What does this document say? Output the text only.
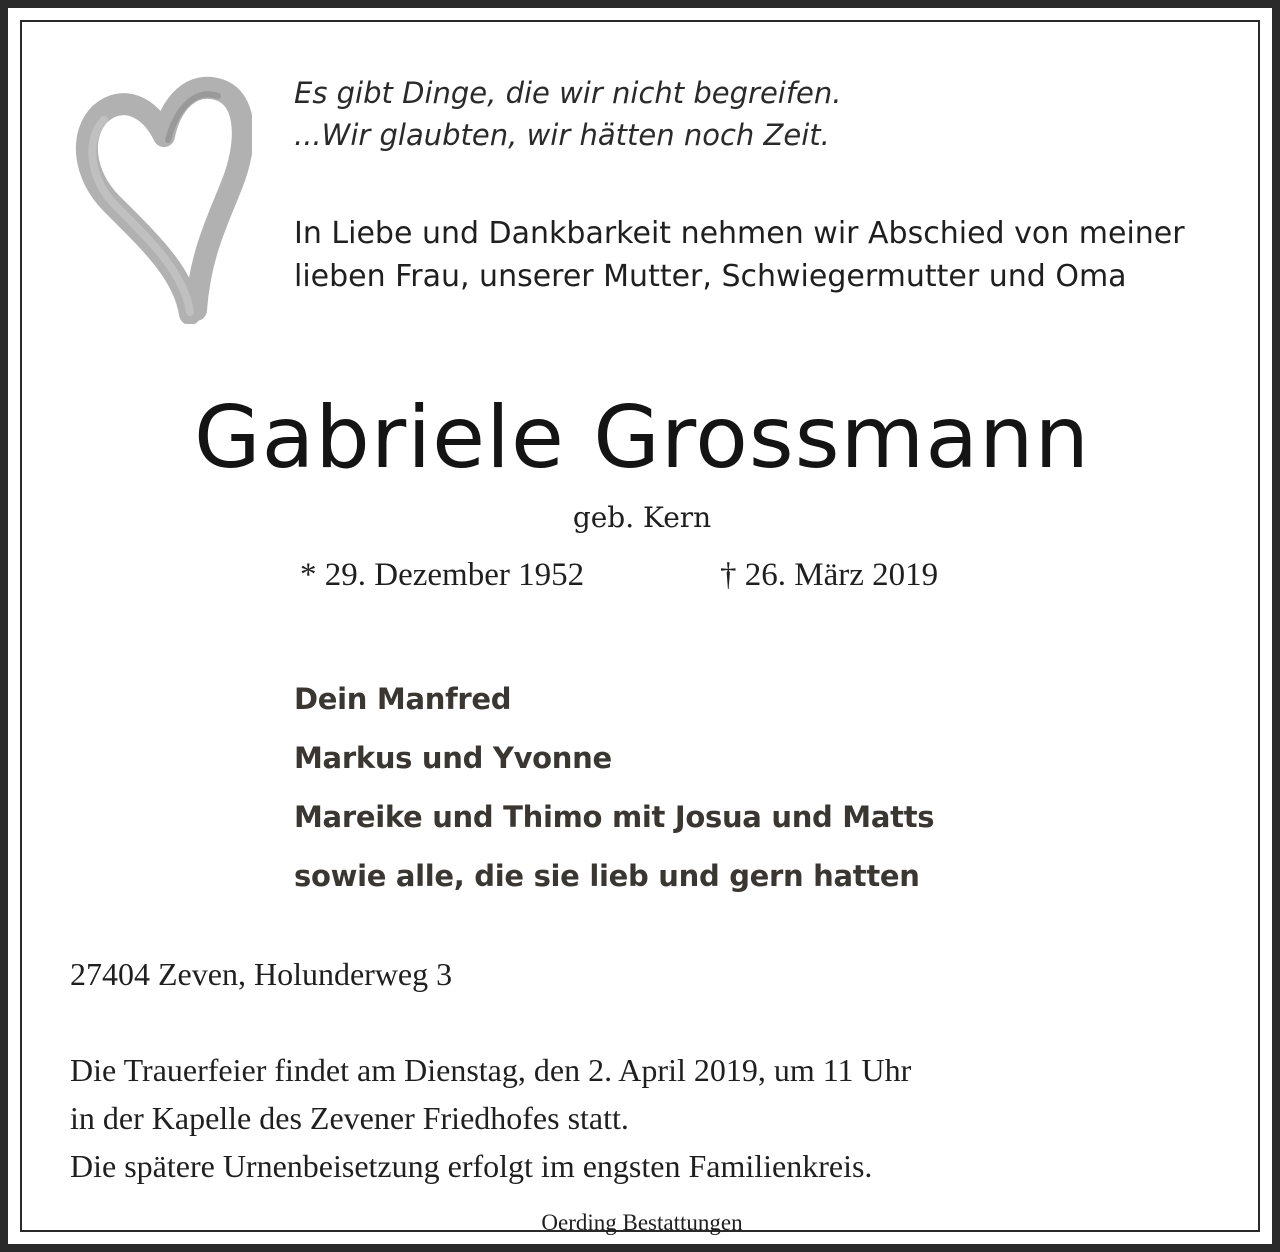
Es gibt Dinge, die wir nicht begreifen.
...Wir glaubten, wir hätten noch Zeit.
In Liebe und Dankbarkeit nehmen wir Abschied von meiner
lieben Frau, unserer Mutter, Schwiegermutter und Oma
Gabriele Grossmann
geb. Kern
* 29. Dezember 1952	† 26. März 2019
Dein Manfred
Markus und Yvonne
Mareike und Thimo mit Josua und Matts
sowie alle, die sie lieb und gern hatten
27404 Zeven, Holunderweg 3
Die Trauerfeier findet am Dienstag, den 2. April 2019, um 11 Uhr
in der Kapelle des Zevener Friedhofes statt.
Die spätere Urnenbeisetzung erfolgt im engsten Familienkreis.
Oerding Bestattungen
